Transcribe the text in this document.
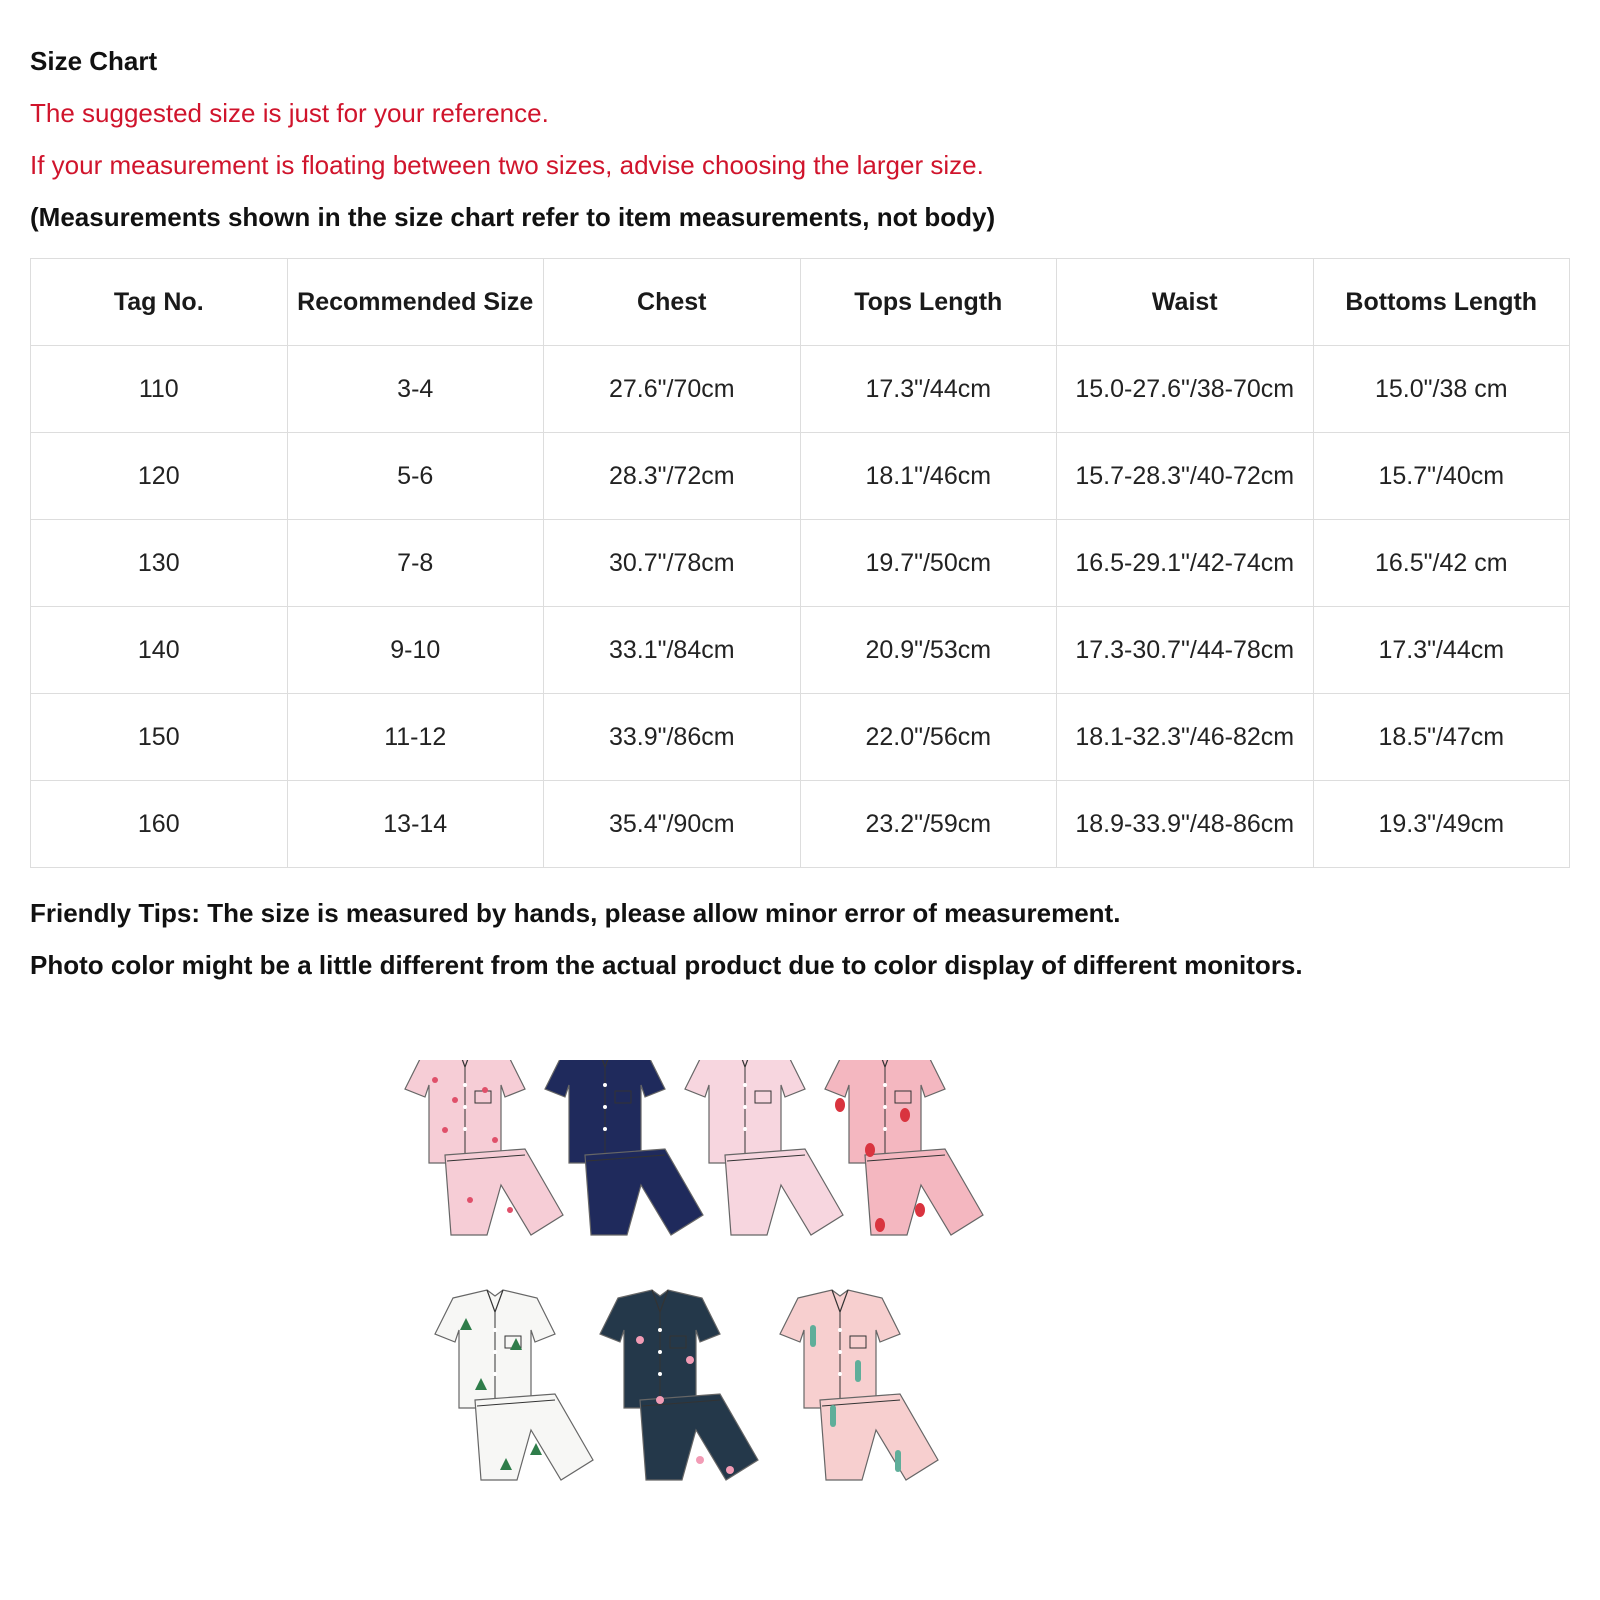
Size Chart
The suggested size is just for your reference.
If your measurement is floating between two sizes, advise choosing the larger size.
(Measurements shown in the size chart refer to item measurements, not body)
Tag No.	Recommended Size	Chest	Tops Length	Waist	Bottoms Length
110	3-4	27.6"/70cm	17.3"/44cm	15.0-27.6"/38-70cm	15.0"/38 cm
120	5-6	28.3"/72cm	18.1"/46cm	15.7-28.3"/40-72cm	15.7"/40cm
130	7-8	30.7"/78cm	19.7"/50cm	16.5-29.1"/42-74cm	16.5"/42 cm
140	9-10	33.1"/84cm	20.9"/53cm	17.3-30.7"/44-78cm	17.3"/44cm
150	11-12	33.9"/86cm	22.0"/56cm	18.1-32.3"/46-82cm	18.5"/47cm
160	13-14	35.4"/90cm	23.2"/59cm	18.9-33.9"/48-86cm	19.3"/49cm
Friendly Tips: The size is measured by hands, please allow minor error of measurement.
Photo color might be a little different from the actual product due to color display of different monitors.
